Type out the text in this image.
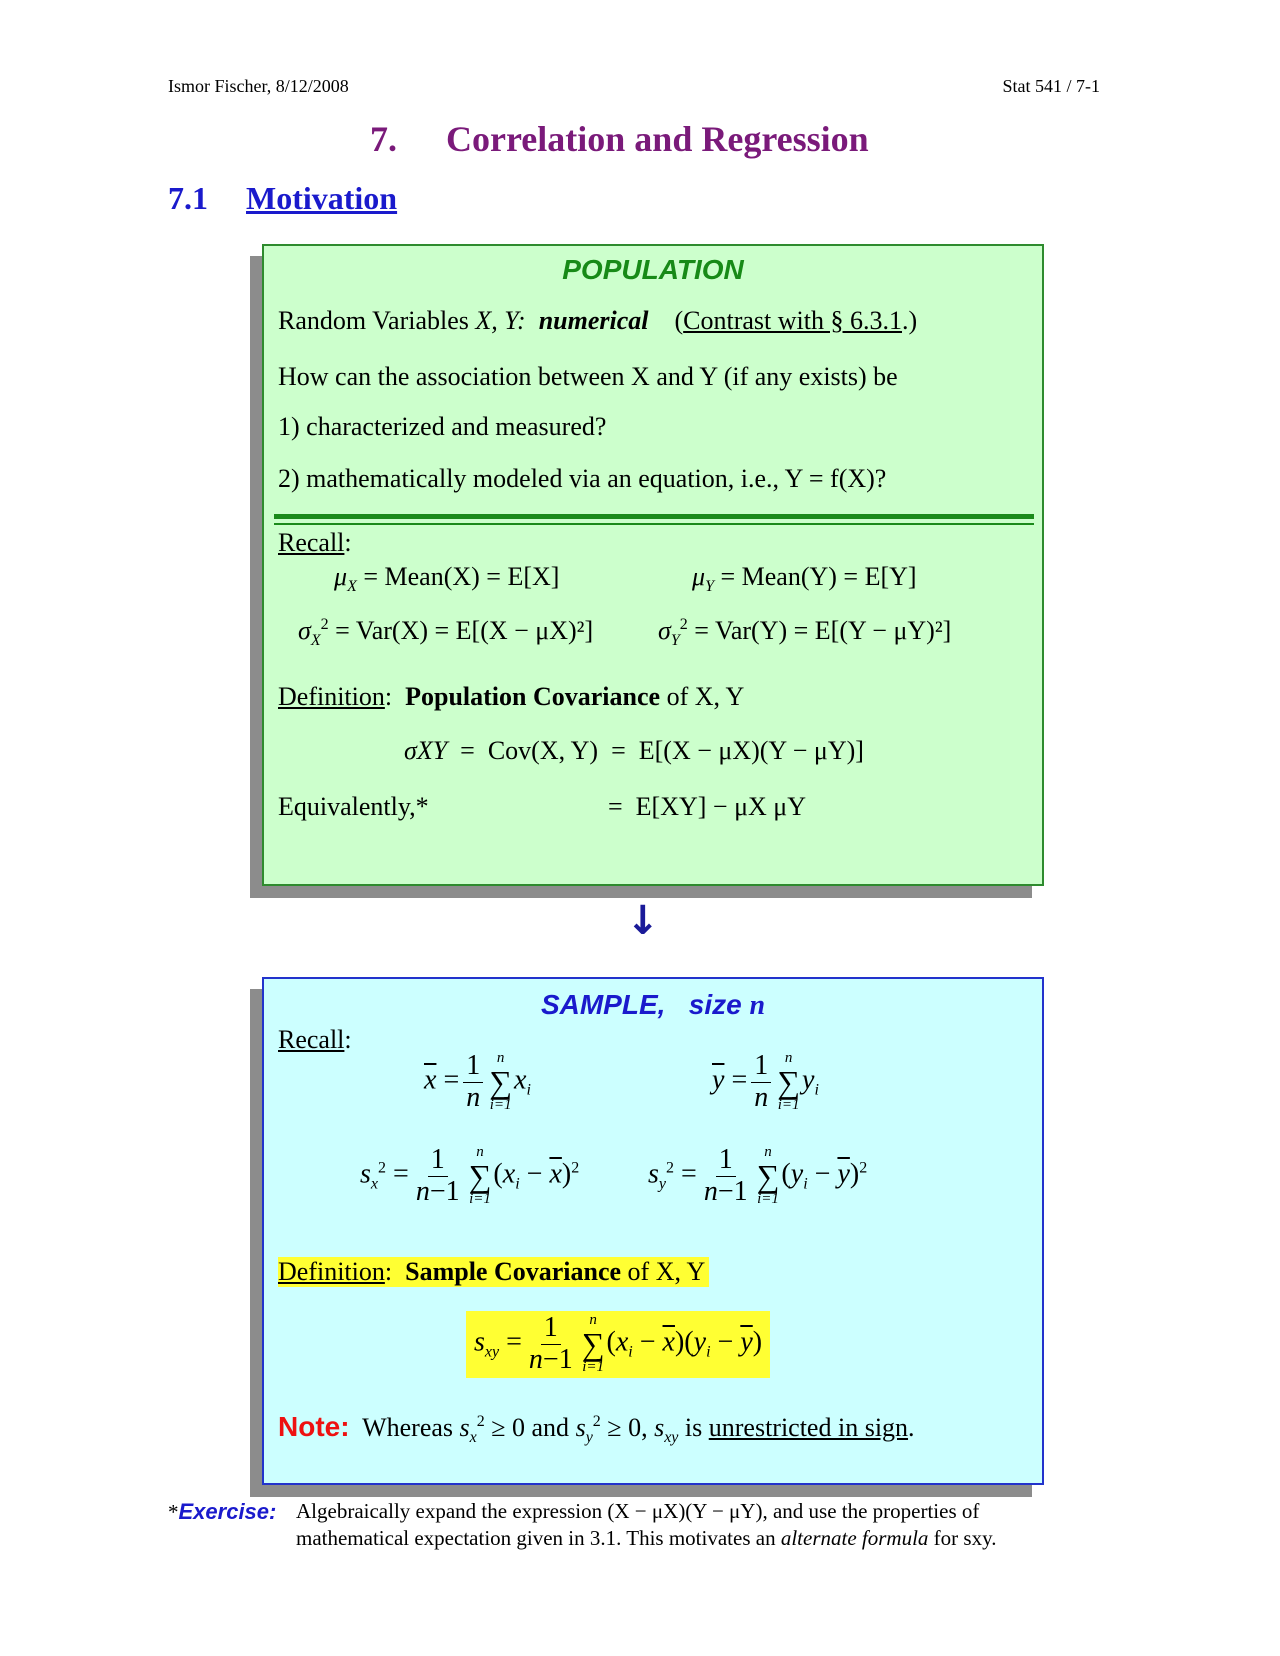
Ismor Fischer, 8/12/2008	Stat 541 / 7-1
7. Correlation and Regression
7.1 Motivation
POPULATION
Random Variables X, Y: numerical    (Contrast with § 6.3.1.)
How can the association between X and Y (if any exists) be
1) characterized and measured?
2) mathematically modeled via an equation, i.e., Y = f(X)?
Recall:
$\mu_X$ = Mean(X) = E[X]	$\mu_Y$ = Mean(Y) = E[Y]
$\sigma_X^2 = Var(X) = E[(X - \mu X)^2] \sigma_Y^2 = Var(Y) = E[(Y - \mu Y)^2]$
Definition:  Population Covariance of X, Y
σXY  =  Cov(X, Y)  =  E[(X − μX)(Y − μY)]
Equivalently,*	=  E[XY] − μX μY
↓
SAMPLE, size n
Recall:
$\overline{x} = \frac{1}{n}$ n
∑
i=1
$x_i$	$\overline{y} = \frac{1}{n}$ n
∑
i=1
$y_i$
$s_x^2 = \frac{1}{n-1}$ n
∑
i=1
$(x_i - \overline{x})^2$ $s_y^2 = \frac{1}{n-1}$ n
∑
i=1
$(y_i - \overline{y})^2$
Definition:  Sample Covariance of X, Y
$s_{xy} = \frac{1}{n-1}$ n
∑
i=1
$(x_i - \overline{x})(y_i - \overline{y})$
Note: Whereas $s_x^2 \ge 0$ and $s_y^2 \ge 0$, $s_{xy}$ is unrestricted in sign.
*Exercise: Algebraically expand the expression (X − μX)(Y − μY), and use the properties of
mathematical expectation given in 3.1. This motivates an alternate formula for sxy.
